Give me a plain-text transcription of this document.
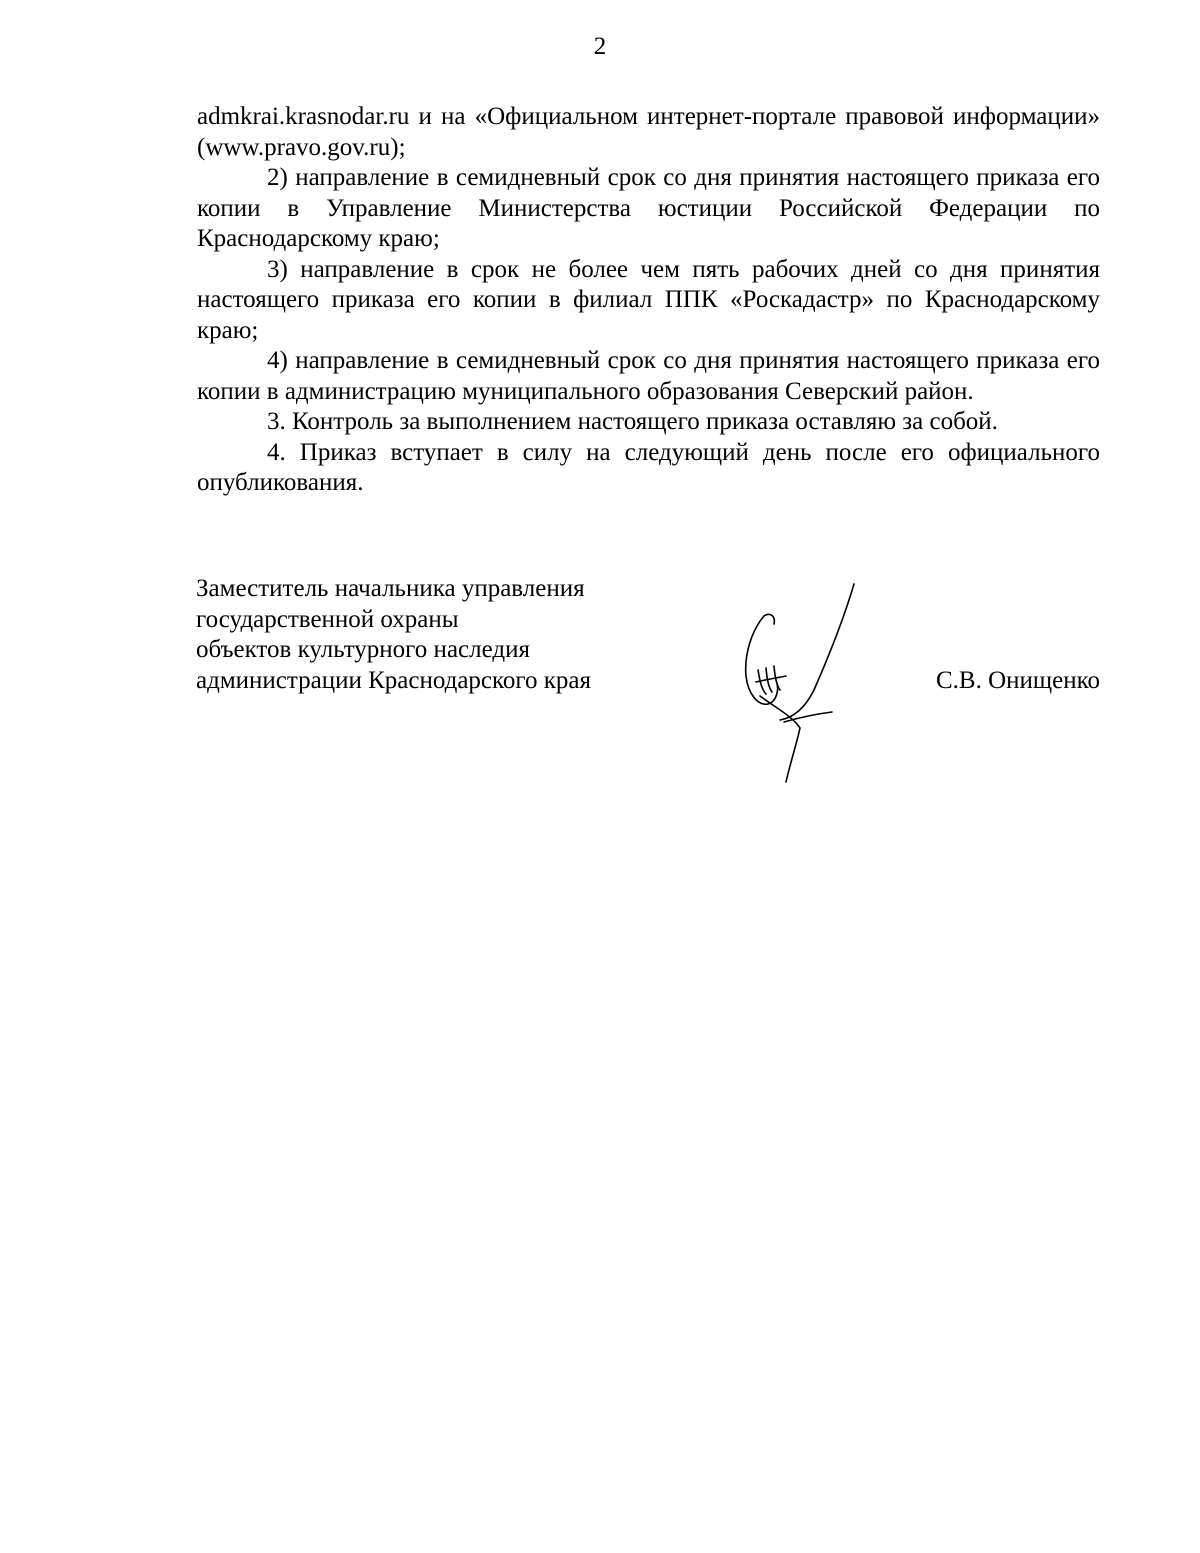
2

admkrai.krasnodar.ru и на «Официальном интернет-портале правовой информации» (www.pravo.gov.ru);

2) направление в семидневный срок со дня принятия настоящего приказа его копии в Управление Министерства юстиции Российской Федерации по Краснодарскому краю;

3) направление в срок не более чем пять рабочих дней со дня принятия настоящего приказа его копии в филиал ППК «Роскадастр» по Краснодарскому краю;

4) направление в семидневный срок со дня принятия настоящего приказа его копии в администрацию муниципального образования Северский район.

3. Контроль за выполнением настоящего приказа оставляю за собой.

4. Приказ вступает в силу на следующий день после его официального опубликования.

Заместитель начальника управления
государственной охраны
объектов культурного наследия
администрации Краснодарского края	С.В. Онищенко
